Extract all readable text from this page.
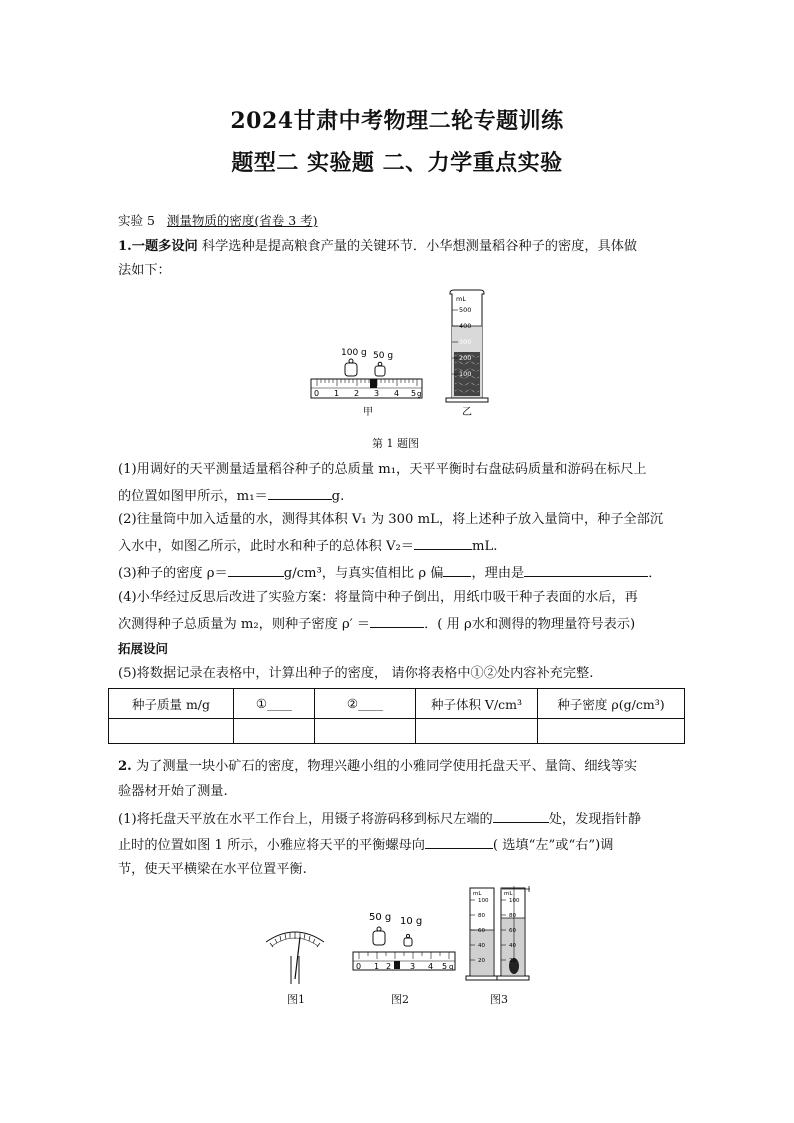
2024甘肃中考物理二轮专题训练
题型二 实验题 二、力学重点实验
实验 5 测量物质的密度(省卷 3 考)
1.一题多设问 科学选种是提高粮食产量的关键环节．小华想测量稻谷种子的密度，具体做
法如下：
100 g 50 g
0 1 2 3 4 5 g
甲
mL
500
400
300
200
100
乙
第 1 题图
(1)用调好的天平测量适量稻谷种子的总质量 m₁，天平平衡时右盘砝码质量和游码在标尺上
的位置如图甲所示，m₁＝	g.
(2)往量筒中加入适量的水，测得其体积 V₁ 为 300 mL，将上述种子放入量筒中，种子全部沉
入水中，如图乙所示，此时水和种子的总体积 V₂＝	mL.
(3)种子的密度 ρ＝	g/cm³，与真实值相比 ρ 偏 ，理由是	．
(4)小华经过反思后改进了实验方案：将量筒中种子倒出，用纸巾吸干种子表面的水后，再
次测得种子总质量为 m₂，则种子密度 ρ′ ＝	．( 用 ρ水和测得的物理量符号表示)
拓展设问
(5)将数据记录在表格中，计算出种子的密度， 请你将表格中①②处内容补充完整.
种子质量 m/g	①____	②____	种子体积 V/cm³	种子密度 ρ(g/cm³)

2. 为了测量一块小矿石的密度，物理兴趣小组的小雅同学使用托盘天平、量筒、细线等实
验器材开始了测量.
(1)将托盘天平放在水平工作台上，用镊子将游码移到标尺左端的	处，发现指针静
止时的位置如图 1 所示，小雅应将天平的平衡螺母向	( 选填“左”或“右”)调
节，使天平横梁在水平位置平衡.
50 g 10 g
0 1 2 3 4 5 g
mL
100
80
60
40
20
mL
100
80
60
40
20
图1	图2	图3
